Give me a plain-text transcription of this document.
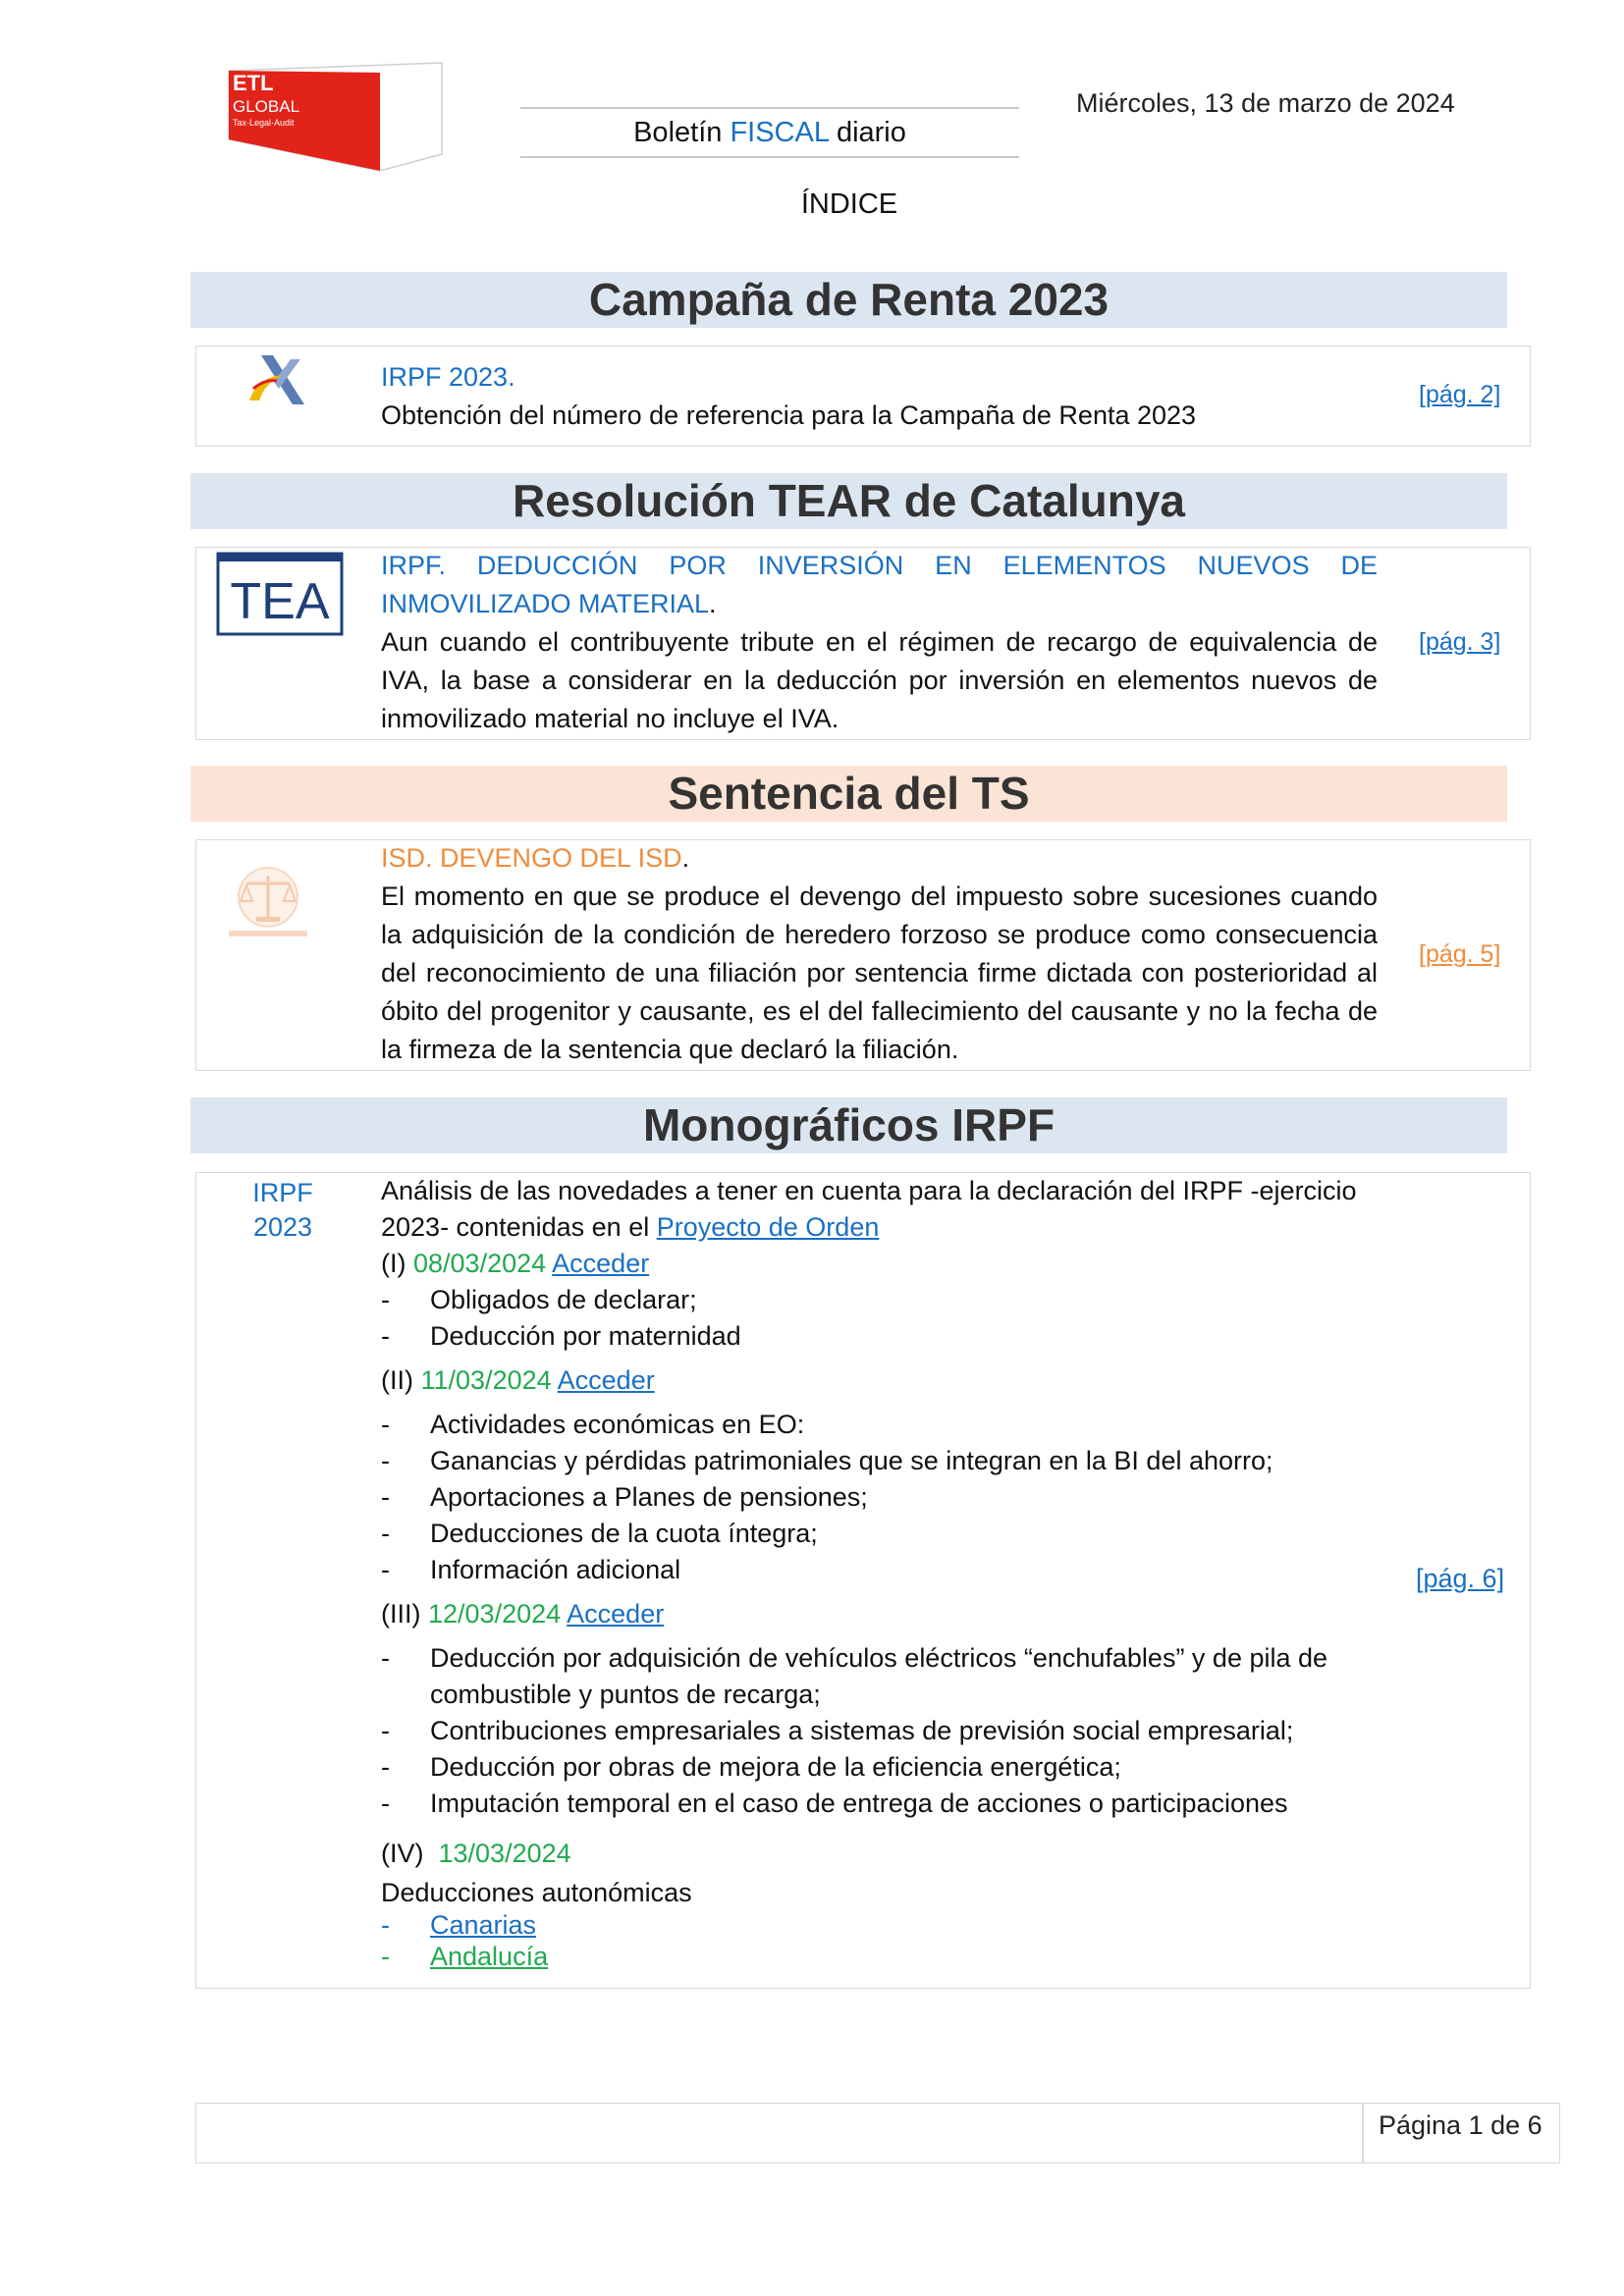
ETL
GLOBAL
Tax·Legal·Audit	Boletín FISCAL diario
Miércoles, 13 de marzo de 2024
ÍNDICE
Campaña de Renta 2023
IRPF 2023.
Obtención del número de referencia para la Campaña de Renta 2023
[pág. 2]
Resolución TEAR de Catalunya
TEA
IRPF. DEDUCCIÓN POR INVERSIÓN EN ELEMENTOS NUEVOS DE INMOVILIZADO MATERIAL.
Aun cuando el contribuyente tribute en el régimen de recargo de equivalencia de IVA, la base a considerar en la deducción por inversión en elementos nuevos de inmovilizado material no incluye el IVA.
[pág. 3]
Sentencia del TS
ISD. DEVENGO DEL ISD.
El momento en que se produce el devengo del impuesto sobre sucesiones cuando la adquisición de la condición de heredero forzoso se produce como consecuencia del reconocimiento de una filiación por sentencia firme dictada con posterioridad al óbito del progenitor y causante, es el del fallecimiento del causante y no la fecha de la firmeza de la sentencia que declaró la filiación.
[pág. 5]
Monográficos IRPF
IRPF
2023
Análisis de las novedades a tener en cuenta para la declaración del IRPF -ejercicio 2023- contenidas en el Proyecto de Orden
(I) 08/03/2024 Acceder
- Obligados de declarar;
- Deducción por maternidad
(II) 11/03/2024 Acceder
- Actividades económicas en EO:
- Ganancias y pérdidas patrimoniales que se integran en la BI del ahorro;
- Aportaciones a Planes de pensiones;
- Deducciones de la cuota íntegra;
- Información adicional
(III) 12/03/2024 Acceder
- Deducción por adquisición de vehículos eléctricos “enchufables” y de pila de combustible y puntos de recarga;
- Contribuciones empresariales a sistemas de previsión social empresarial;
- Deducción por obras de mejora de la eficiencia energética;
- Imputación temporal en el caso de entrega de acciones o participaciones
(IV)  13/03/2024
Deducciones autonómicas
- Canarias
- Andalucía
[pág. 6]
Página 1 de 6
